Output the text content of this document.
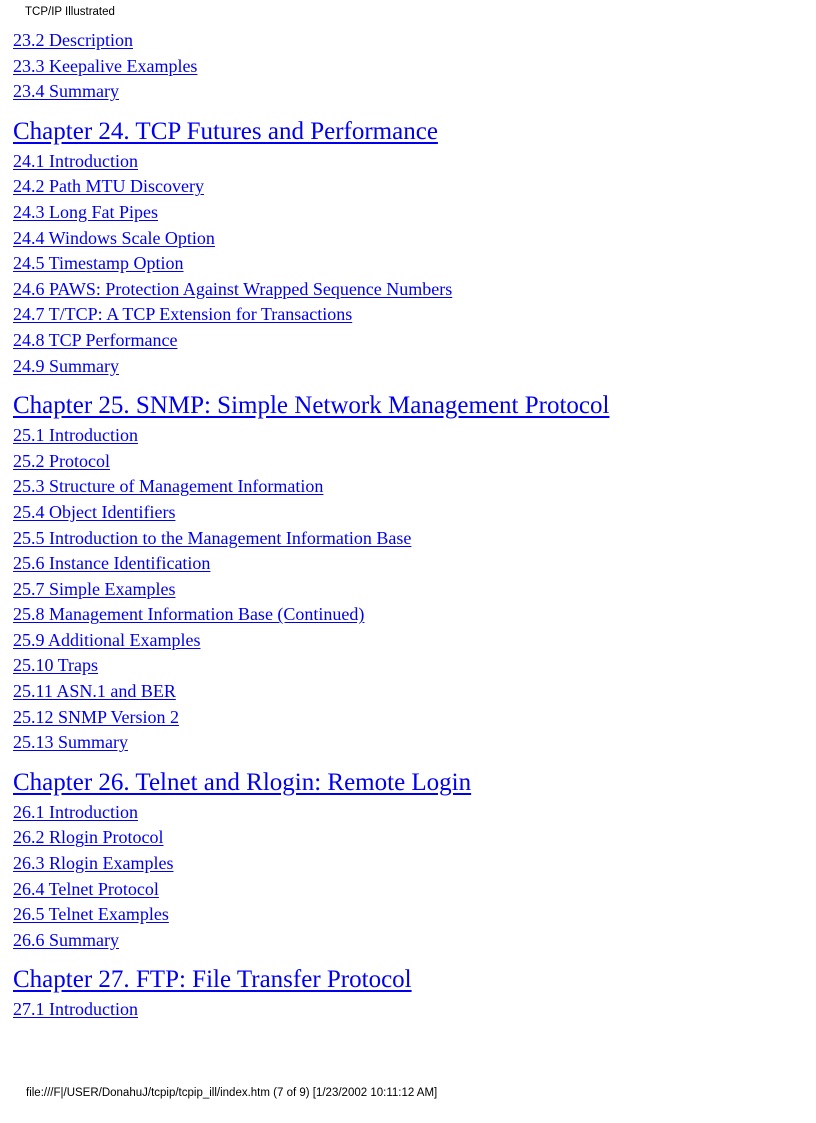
TCP/IP Illustrated
23.2 Description
23.3 Keepalive Examples
23.4 Summary
Chapter 24. TCP Futures and Performance
24.1 Introduction
24.2 Path MTU Discovery
24.3 Long Fat Pipes
24.4 Windows Scale Option
24.5 Timestamp Option
24.6 PAWS: Protection Against Wrapped Sequence Numbers
24.7 T/TCP: A TCP Extension for Transactions
24.8 TCP Performance
24.9 Summary
Chapter 25. SNMP: Simple Network Management Protocol
25.1 Introduction
25.2 Protocol
25.3 Structure of Management Information
25.4 Object Identifiers
25.5 Introduction to the Management Information Base
25.6 Instance Identification
25.7 Simple Examples
25.8 Management Information Base (Continued)
25.9 Additional Examples
25.10 Traps
25.11 ASN.1 and BER
25.12 SNMP Version 2
25.13 Summary
Chapter 26. Telnet and Rlogin: Remote Login
26.1 Introduction
26.2 Rlogin Protocol
26.3 Rlogin Examples
26.4 Telnet Protocol
26.5 Telnet Examples
26.6 Summary
Chapter 27. FTP: File Transfer Protocol
27.1 Introduction
file:///F|/USER/DonahuJ/tcpip/tcpip_ill/index.htm (7 of 9) [1/23/2002 10:11:12 AM]
